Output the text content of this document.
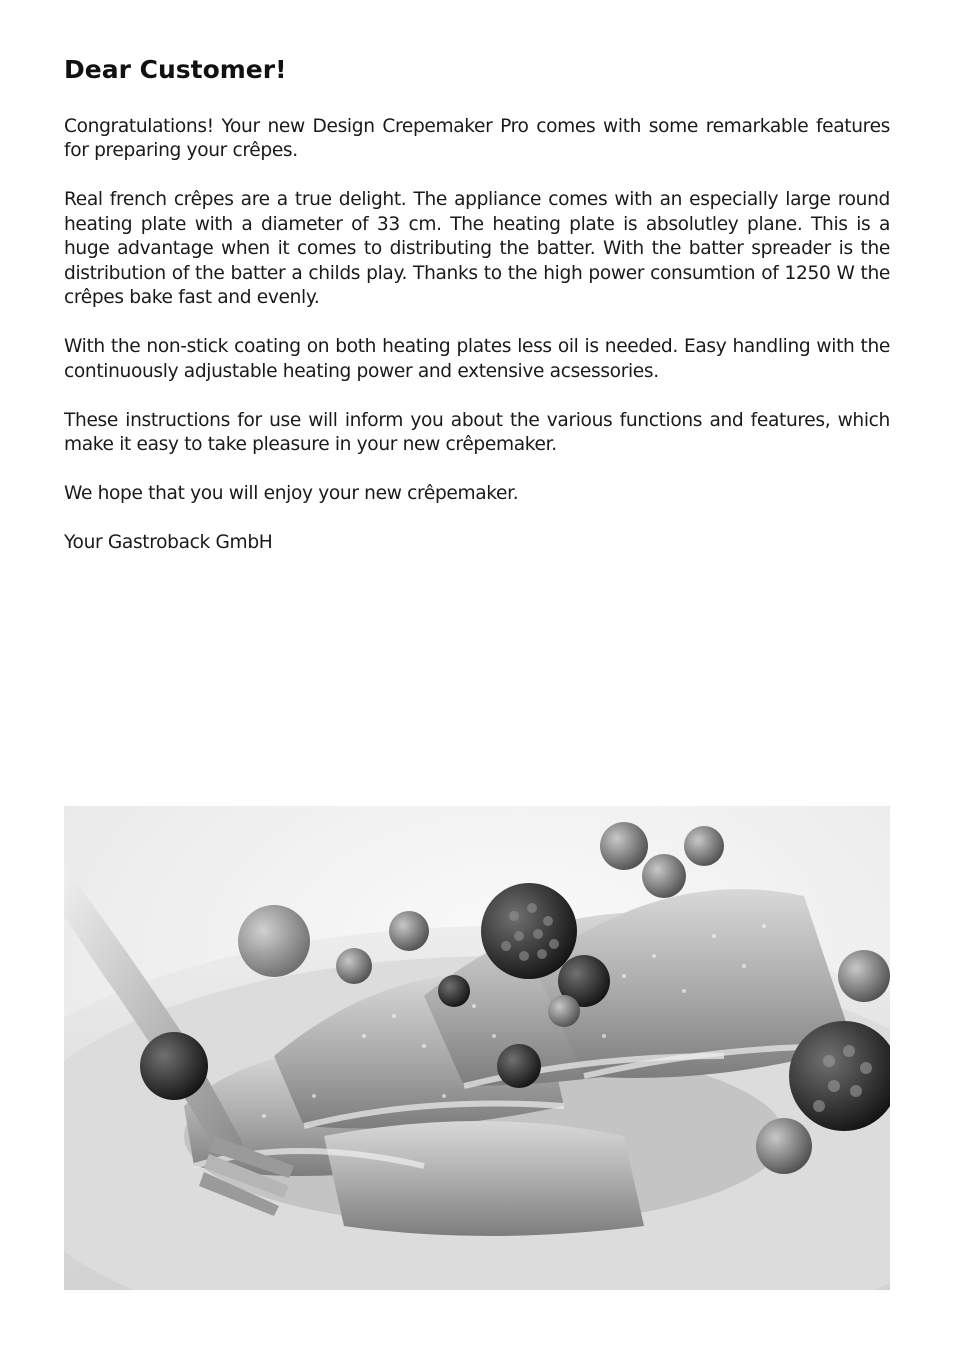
Dear Customer!

Congratulations! Your new Design Crepemaker Pro comes with some remarkable features for preparing your crêpes.

Real french crêpes are a true delight. The appliance comes with an especially large round heating plate with a diameter of 33 cm. The heating plate is absolutley plane. This is a huge advantage when it comes to distributing the batter. With the batter spreader is the distribution of the batter a childs play. Thanks to the high power consumtion of 1250 W the crêpes bake fast and evenly.

With the non-stick coating on both heating plates less oil is needed. Easy handling with the continuously adjustable heating power and extensive acsessories.

These instructions for use will inform you about the various functions and features, which make it easy to take pleasure in your new crêpemaker.

We hope that you will enjoy your new crêpemaker.

Your Gastroback GmbH
